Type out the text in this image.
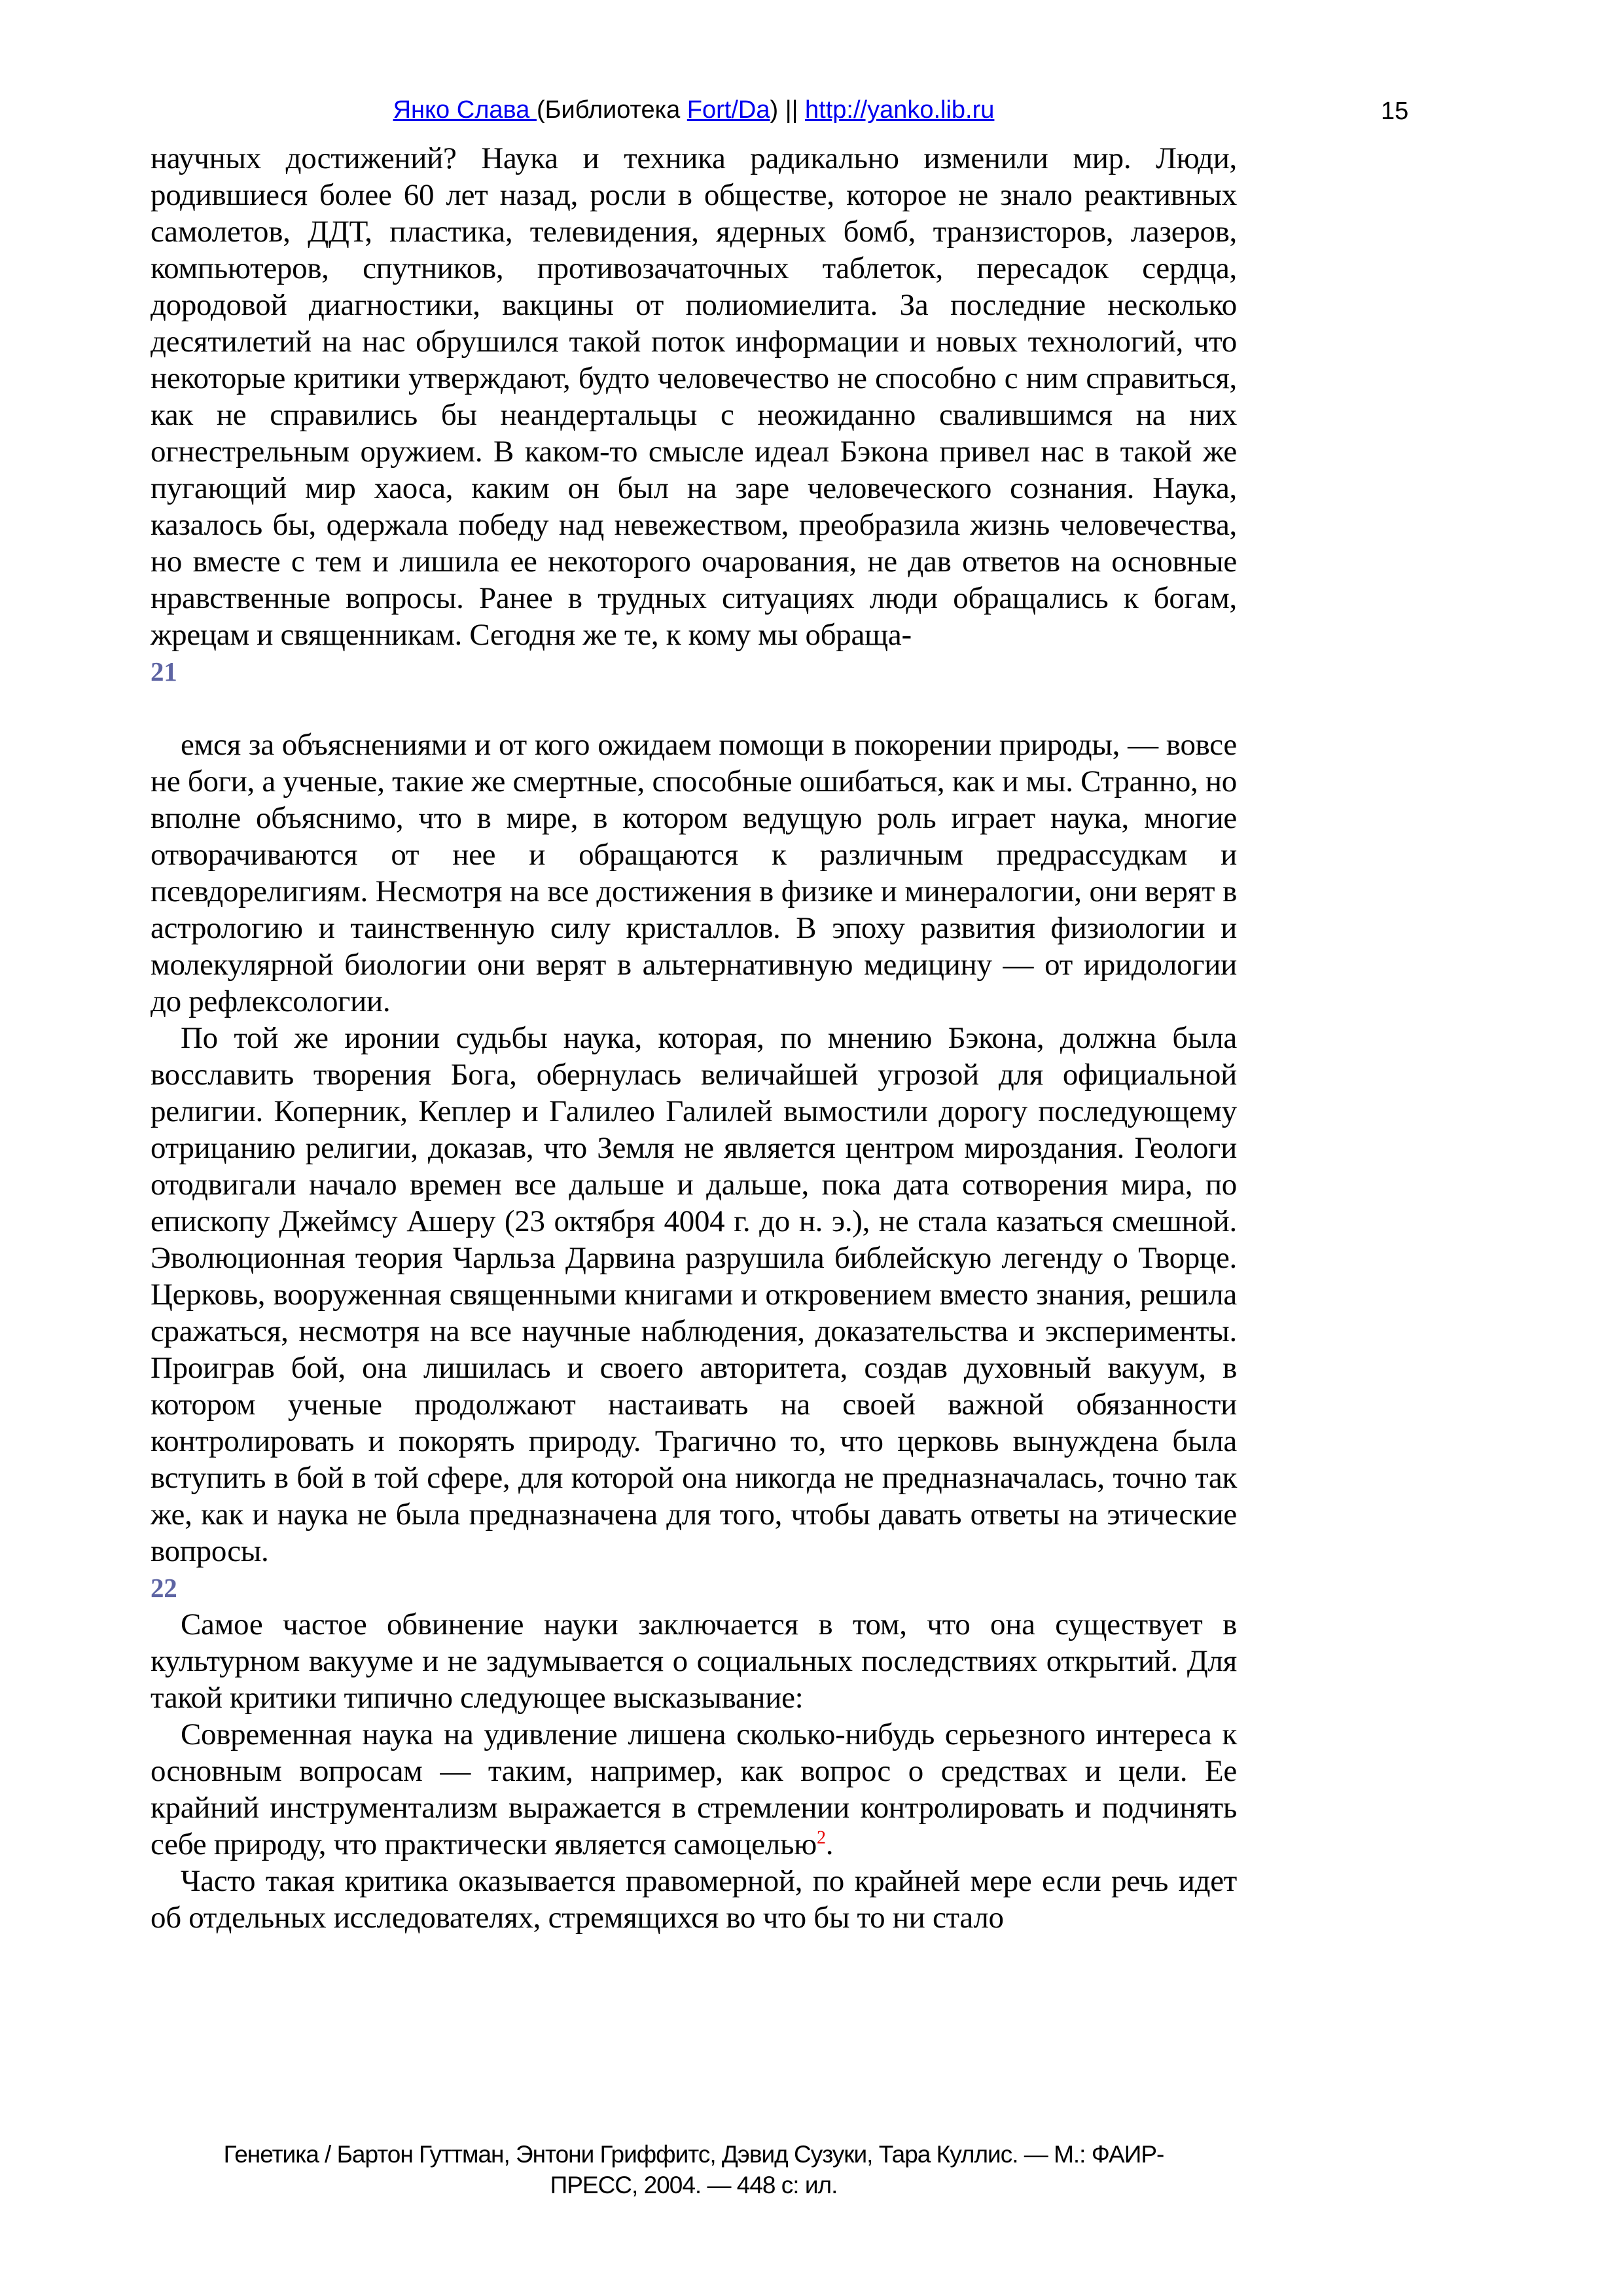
Янко Слава (Библиотека Fort/Da) || http://yanko.lib.ru	15

научных достижений? Наука и техника радикально изменили мир. Люди, родившиеся более 60 лет назад, росли в обществе, которое не знало реактивных самолетов, ДДТ, пластика, телевидения, ядерных бомб, транзисторов, лазеров, компьютеров, спутников, противозачаточных таблеток, пересадок сердца, дородовой диагностики, вакцины от полиомиелита. За последние несколько десятилетий на нас обрушился такой поток информации и новых технологий, что некоторые критики утверждают, будто человечество не способно с ним справиться, как не справились бы неандертальцы с неожиданно свалившимся на них огнестрельным оружием. В каком-то смысле идеал Бэкона привел нас в такой же пугающий мир хаоса, каким он был на заре человеческого сознания. Наука, казалось бы, одержала победу над невежеством, преобразила жизнь человечества, но вместе с тем и лишила ее некоторого очарования, не дав ответов на основные нравственные вопросы. Ранее в трудных ситуациях люди обращались к богам, жрецам и священникам. Сегодня же те, к кому мы обраща-

21

емся за объяснениями и от кого ожидаем помощи в покорении природы, — вовсе не боги, а ученые, такие же смертные, способные ошибаться, как и мы. Странно, но вполне объяснимо, что в мире, в котором ведущую роль играет наука, многие отворачиваются от нее и обращаются к различным предрассудкам и псевдорелигиям. Несмотря на все достижения в физике и минералогии, они верят в астрологию и таинственную силу кристаллов. В эпоху развития физиологии и молекулярной биологии они верят в альтернативную медицину — от иридологии до рефлексологии.

По той же иронии судьбы наука, которая, по мнению Бэкона, должна была восславить творения Бога, обернулась величайшей угрозой для официальной религии. Коперник, Кеплер и Галилео Галилей вымостили дорогу последующему отрицанию религии, доказав, что Земля не является центром мироздания. Геологи отодвигали начало времен все дальше и дальше, пока дата сотворения мира, по епископу Джеймсу Ашеру (23 октября 4004 г. до н. э.), не стала казаться смешной. Эволюционная теория Чарльза Дарвина разрушила библейскую легенду о Творце. Церковь, вооруженная священными книгами и откровением вместо знания, решила сражаться, несмотря на все научные наблюдения, доказательства и эксперименты. Проиграв бой, она лишилась и своего авторитета, создав духовный вакуум, в котором ученые продолжают настаивать на своей важной обязанности контролировать и покорять природу. Трагично то, что церковь вынуждена была вступить в бой в той сфере, для которой она никогда не предназначалась, точно так же, как и наука не была предназначена для того, чтобы давать ответы на этические вопросы.

22

Самое частое обвинение науки заключается в том, что она существует в культурном вакууме и не задумывается о социальных последствиях открытий. Для такой критики типично следующее высказывание:

Современная наука на удивление лишена сколько-нибудь серьезного интереса к основным вопросам — таким, например, как вопрос о средствах и цели. Ее крайний инструментализм выражается в стремлении контролировать и подчинять себе природу, что практически является самоцелью$^2$.

Часто такая критика оказывается правомерной, по крайней мере если речь идет об отдельных исследователях, стремящихся во что бы то ни стало

Генетика / Бартон Гуттман, Энтони Гриффитс, Дэвид Сузуки, Тара Куллис. — М.: ФАИР-
ПРЕСС, 2004. — 448 с: ил.
